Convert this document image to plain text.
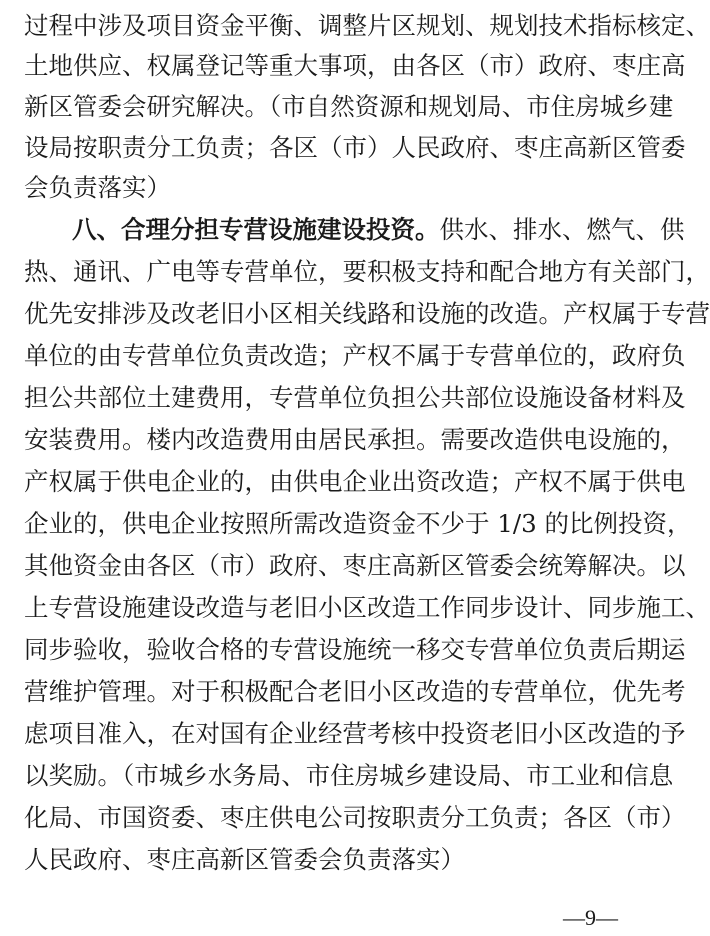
过程中涉及项目资金平衡、调整片区规划、规划技术指标核定、
土地供应、权属登记等重大事项，由各区（市）政府、枣庄高
新区管委会研究解决。（市自然资源和规划局、市住房城乡建
设局按职责分工负责；各区（市）人民政府、枣庄高新区管委
会负责落实）
八、合理分担专营设施建设投资。供水、排水、燃气、供
热、通讯、广电等专营单位，要积极支持和配合地方有关部门，
优先安排涉及改老旧小区相关线路和设施的改造。产权属于专营
单位的由专营单位负责改造；产权不属于专营单位的，政府负
担公共部位土建费用，专营单位负担公共部位设施设备材料及
安装费用。楼内改造费用由居民承担。需要改造供电设施的，
产权属于供电企业的，由供电企业出资改造；产权不属于供电
企业的，供电企业按照所需改造资金不少于 1/3 的比例投资，
其他资金由各区（市）政府、枣庄高新区管委会统筹解决。以
上专营设施建设改造与老旧小区改造工作同步设计、同步施工、
同步验收，验收合格的专营设施统一移交专营单位负责后期运
营维护管理。对于积极配合老旧小区改造的专营单位，优先考
虑项目准入，在对国有企业经营考核中投资老旧小区改造的予
以奖励。（市城乡水务局、市住房城乡建设局、市工业和信息
化局、市国资委、枣庄供电公司按职责分工负责；各区（市）
人民政府、枣庄高新区管委会负责落实）
—9—
